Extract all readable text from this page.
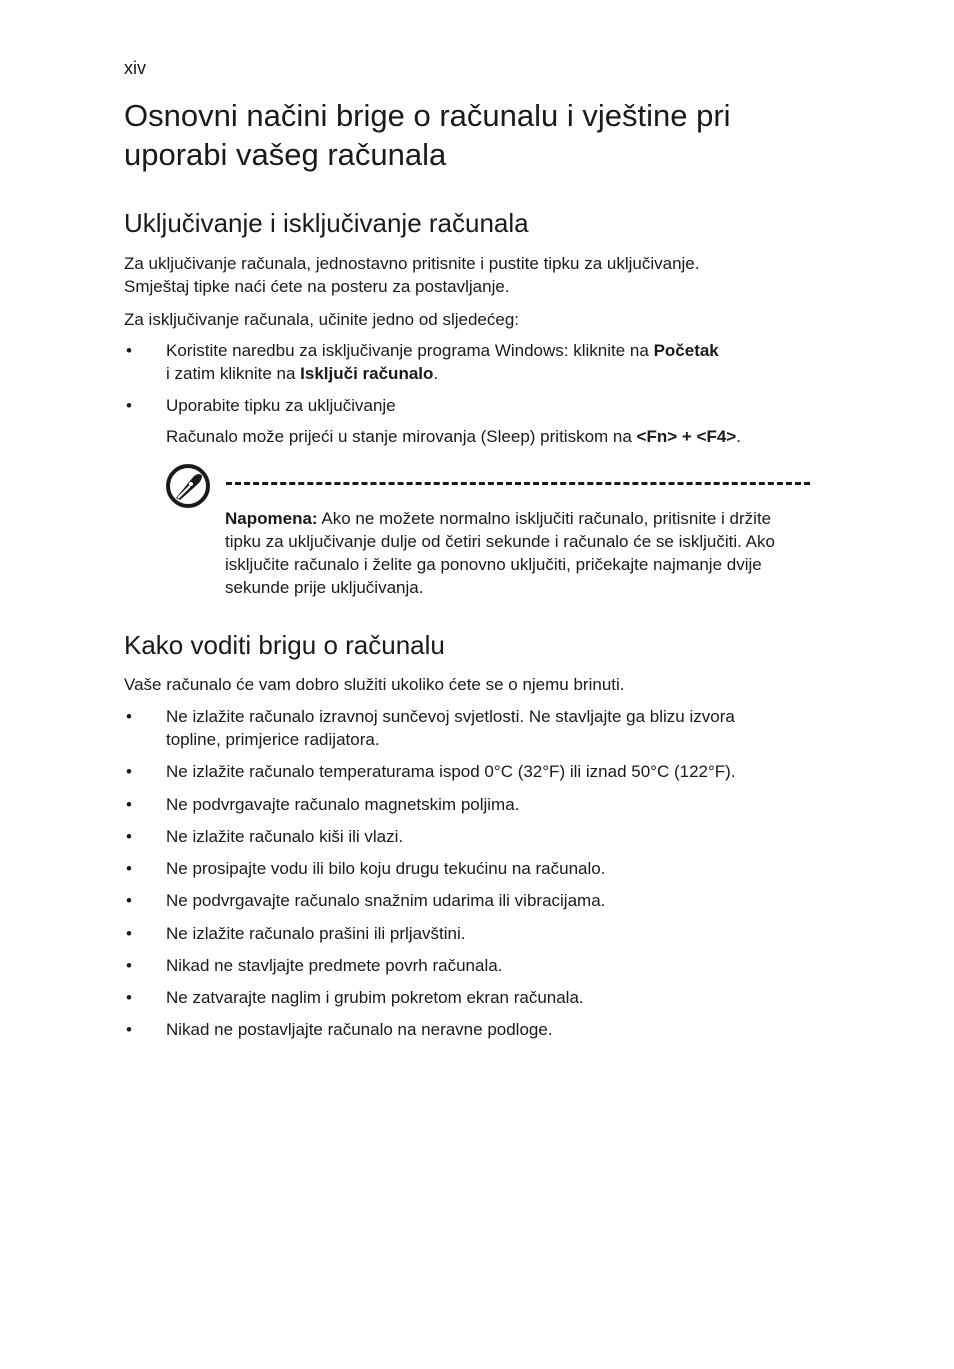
xiv
Osnovni načini brige o računalu i vještine pri uporabi vašeg računala
Uključivanje i isključivanje računala

Za uključivanje računala, jednostavno pritisnite i pustite tipku za uključivanje.
Smještaj tipke naći ćete na posteru za postavljanje.

Za isključivanje računala, učinite jedno od sljedećeg:

• Koristite naredbu za isključivanje programa Windows: kliknite na Početak
i zatim kliknite na Isključi računalo.
• Uporabite tipku za uključivanje
Računalo može prijeći u stanje mirovanja (Sleep) pritiskom na <Fn> + <F4>.
Napomena: Ako ne možete normalno isključiti računalo, pritisnite i držite tipku za uključivanje dulje od četiri sekunde i računalo će se isključiti. Ako isključite računalo i želite ga ponovno uključiti, pričekajte najmanje dvije sekunde prije uključivanja.
Kako voditi brigu o računalu

Vaše računalo će vam dobro služiti ukoliko ćete se o njemu brinuti.

• Ne izlažite računalo izravnoj sunčevoj svjetlosti. Ne stavljajte ga blizu izvora topline, primjerice radijatora.
• Ne izlažite računalo temperaturama ispod 0°C (32°F) ili iznad 50°C (122°F).
• Ne podvrgavajte računalo magnetskim poljima.
• Ne izlažite računalo kiši ili vlazi.
• Ne prosipajte vodu ili bilo koju drugu tekućinu na računalo.
• Ne podvrgavajte računalo snažnim udarima ili vibracijama.
• Ne izlažite računalo prašini ili prljavštini.
• Nikad ne stavljajte predmete povrh računala.
• Ne zatvarajte naglim i grubim pokretom ekran računala.
• Nikad ne postavljajte računalo na neravne podloge.
